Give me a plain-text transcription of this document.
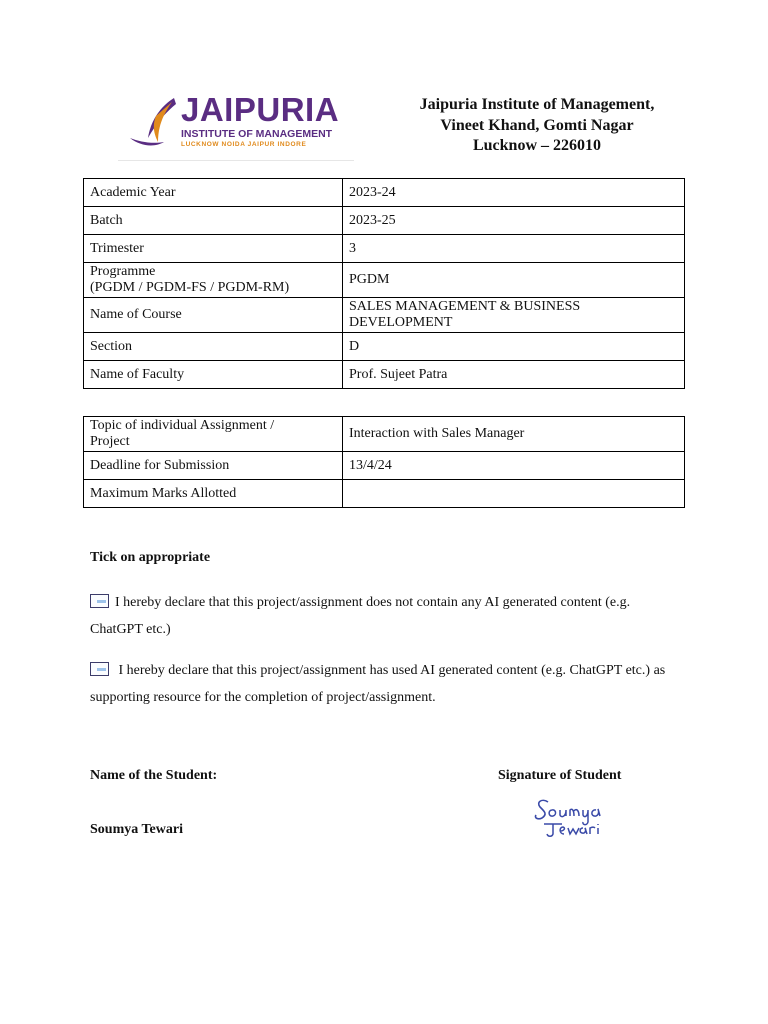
JAIPURIA
INSTITUTE OF MANAGEMENT
LUCKNOW NOIDA JAIPUR INDORE
Jaipuria Institute of Management,
Vineet Khand, Gomti Nagar
Lucknow – 226010
Academic Year	2023-24
Batch	2023-25
Trimester	3

Programme
(PGDM / PGDM-FS / PGDM-RM)	PGDM
Name of Course	SALES MANAGEMENT & BUSINESS
DEVELOPMENT

Section	D
Name of Faculty	Prof. Sujeet Patra
Topic of individual Assignment /
Project	Interaction with Sales Manager
Deadline for Submission	13/4/24
Maximum Marks Allotted	
Tick on appropriate
I hereby declare that this project/assignment does not contain any AI generated content (e.g. ChatGPT etc.)
I hereby declare that this project/assignment has used AI generated content (e.g. ChatGPT etc.) as supporting resource for the completion of project/assignment.
Name of the Student:	Signature of Student
Soumya Tewari
